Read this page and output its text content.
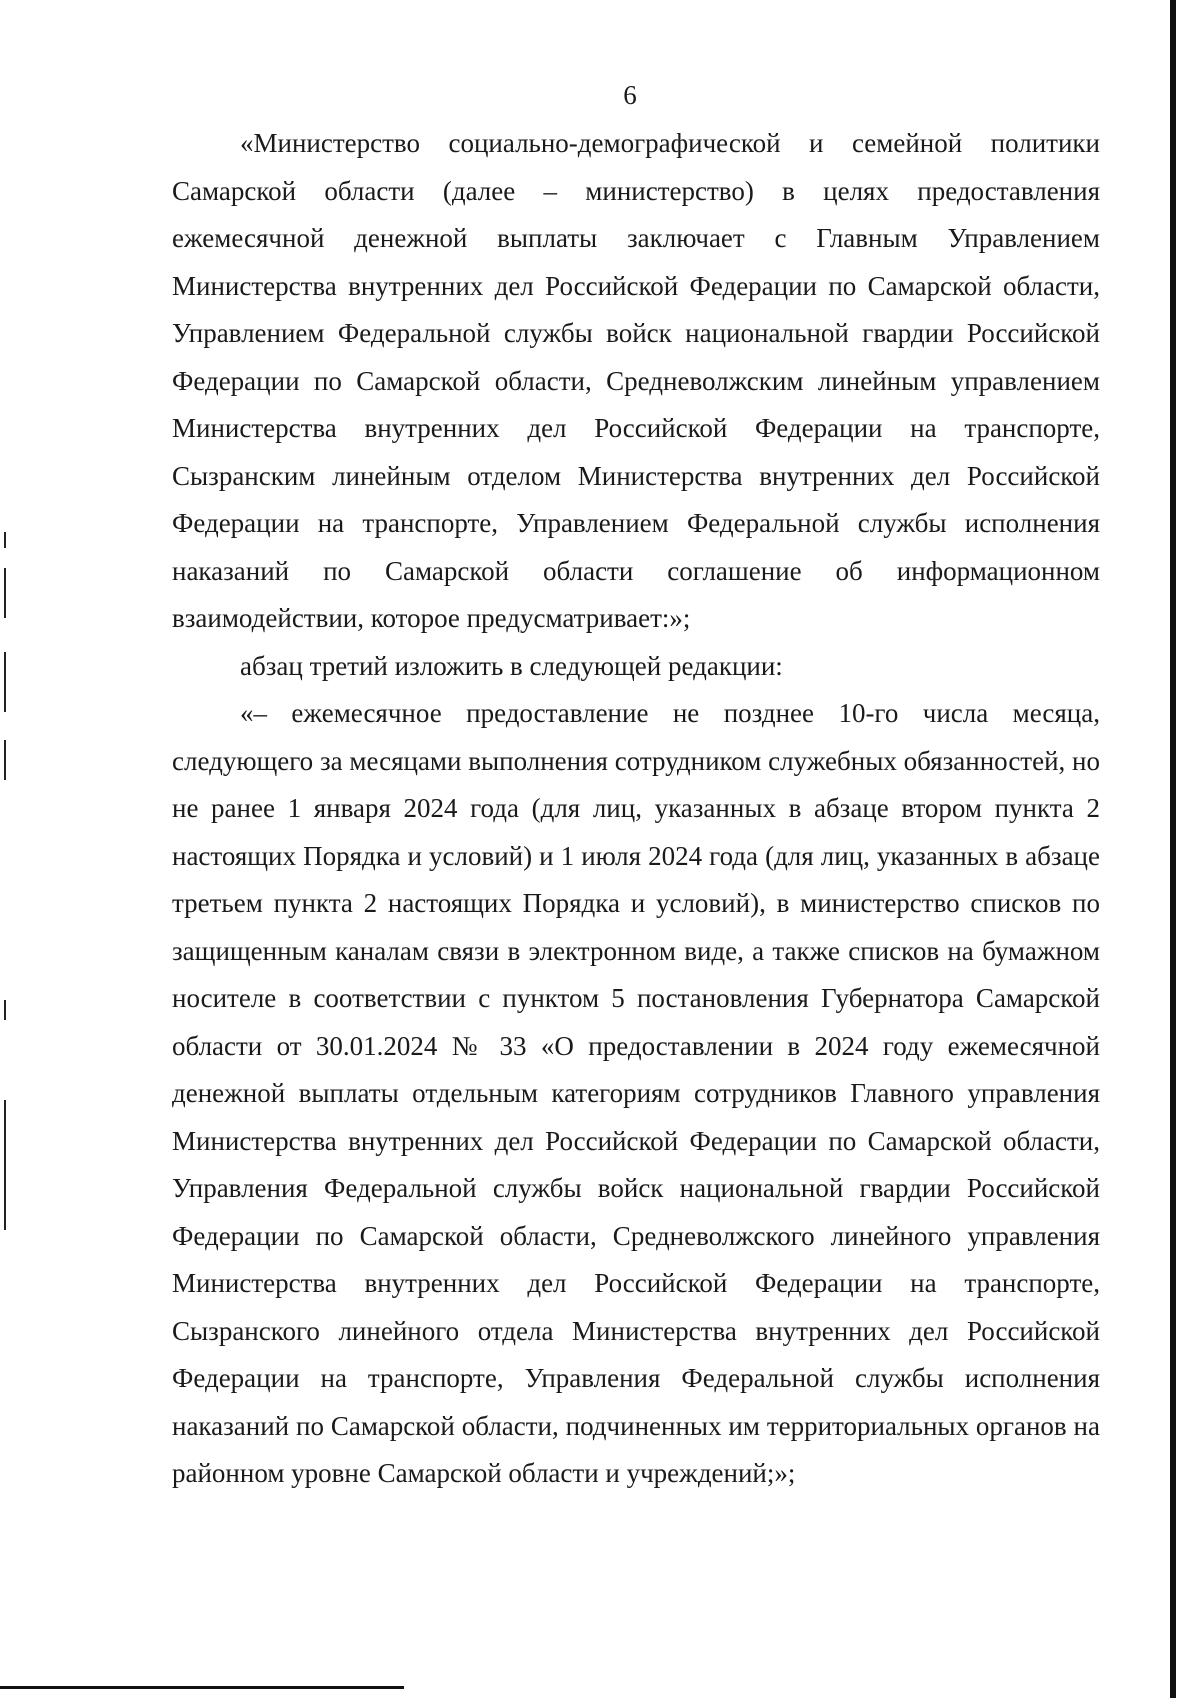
6

«Министерство социально-демографической и семейной политики Самарской области (далее – министерство) в целях предоставления ежемесячной денежной выплаты заключает с Главным Управлением Министерства внутренних дел Российской Федерации по Самарской области, Управлением Федеральной службы войск национальной гвардии Российской Федерации по Самарской области, Средневолжским линейным управлением Министерства внутренних дел Российской Федерации на транспорте, Сызранским линейным отделом Министерства внутренних дел Российской Федерации на транспорте, Управлением Федеральной службы исполнения наказаний по Самарской области соглашение об информационном взаимодействии, которое предусматривает:»;

абзац третий изложить в следующей редакции:

«– ежемесячное предоставление не позднее 10-го числа месяца, следующего за месяцами выполнения сотрудником служебных обязанностей, но не ранее 1 января 2024 года (для лиц, указанных в абзаце втором пункта 2 настоящих Порядка и условий) и 1 июля 2024 года (для лиц, указанных в абзаце третьем пункта 2 настоящих Порядка и условий), в министерство списков по защищенным каналам связи в электронном виде, а также списков на бумажном носителе в соответствии с пунктом 5 постановления Губернатора Самарской области от 30.01.2024 № 33 «О предоставлении в 2024 году ежемесячной денежной выплаты отдельным категориям сотрудников Главного управления Министерства внутренних дел Российской Федерации по Самарской области, Управления Федеральной службы войск национальной гвардии Российской Федерации по Самарской области, Средневолжского линейного управления Министерства внутренних дел Российской Федерации на транспорте, Сызранского линейного отдела Министерства внутренних дел Российской Федерации на транспорте, Управления Федеральной службы исполнения наказаний по Самарской области, подчиненных им территориальных органов на районном уровне Самарской области и учреждений;»;
